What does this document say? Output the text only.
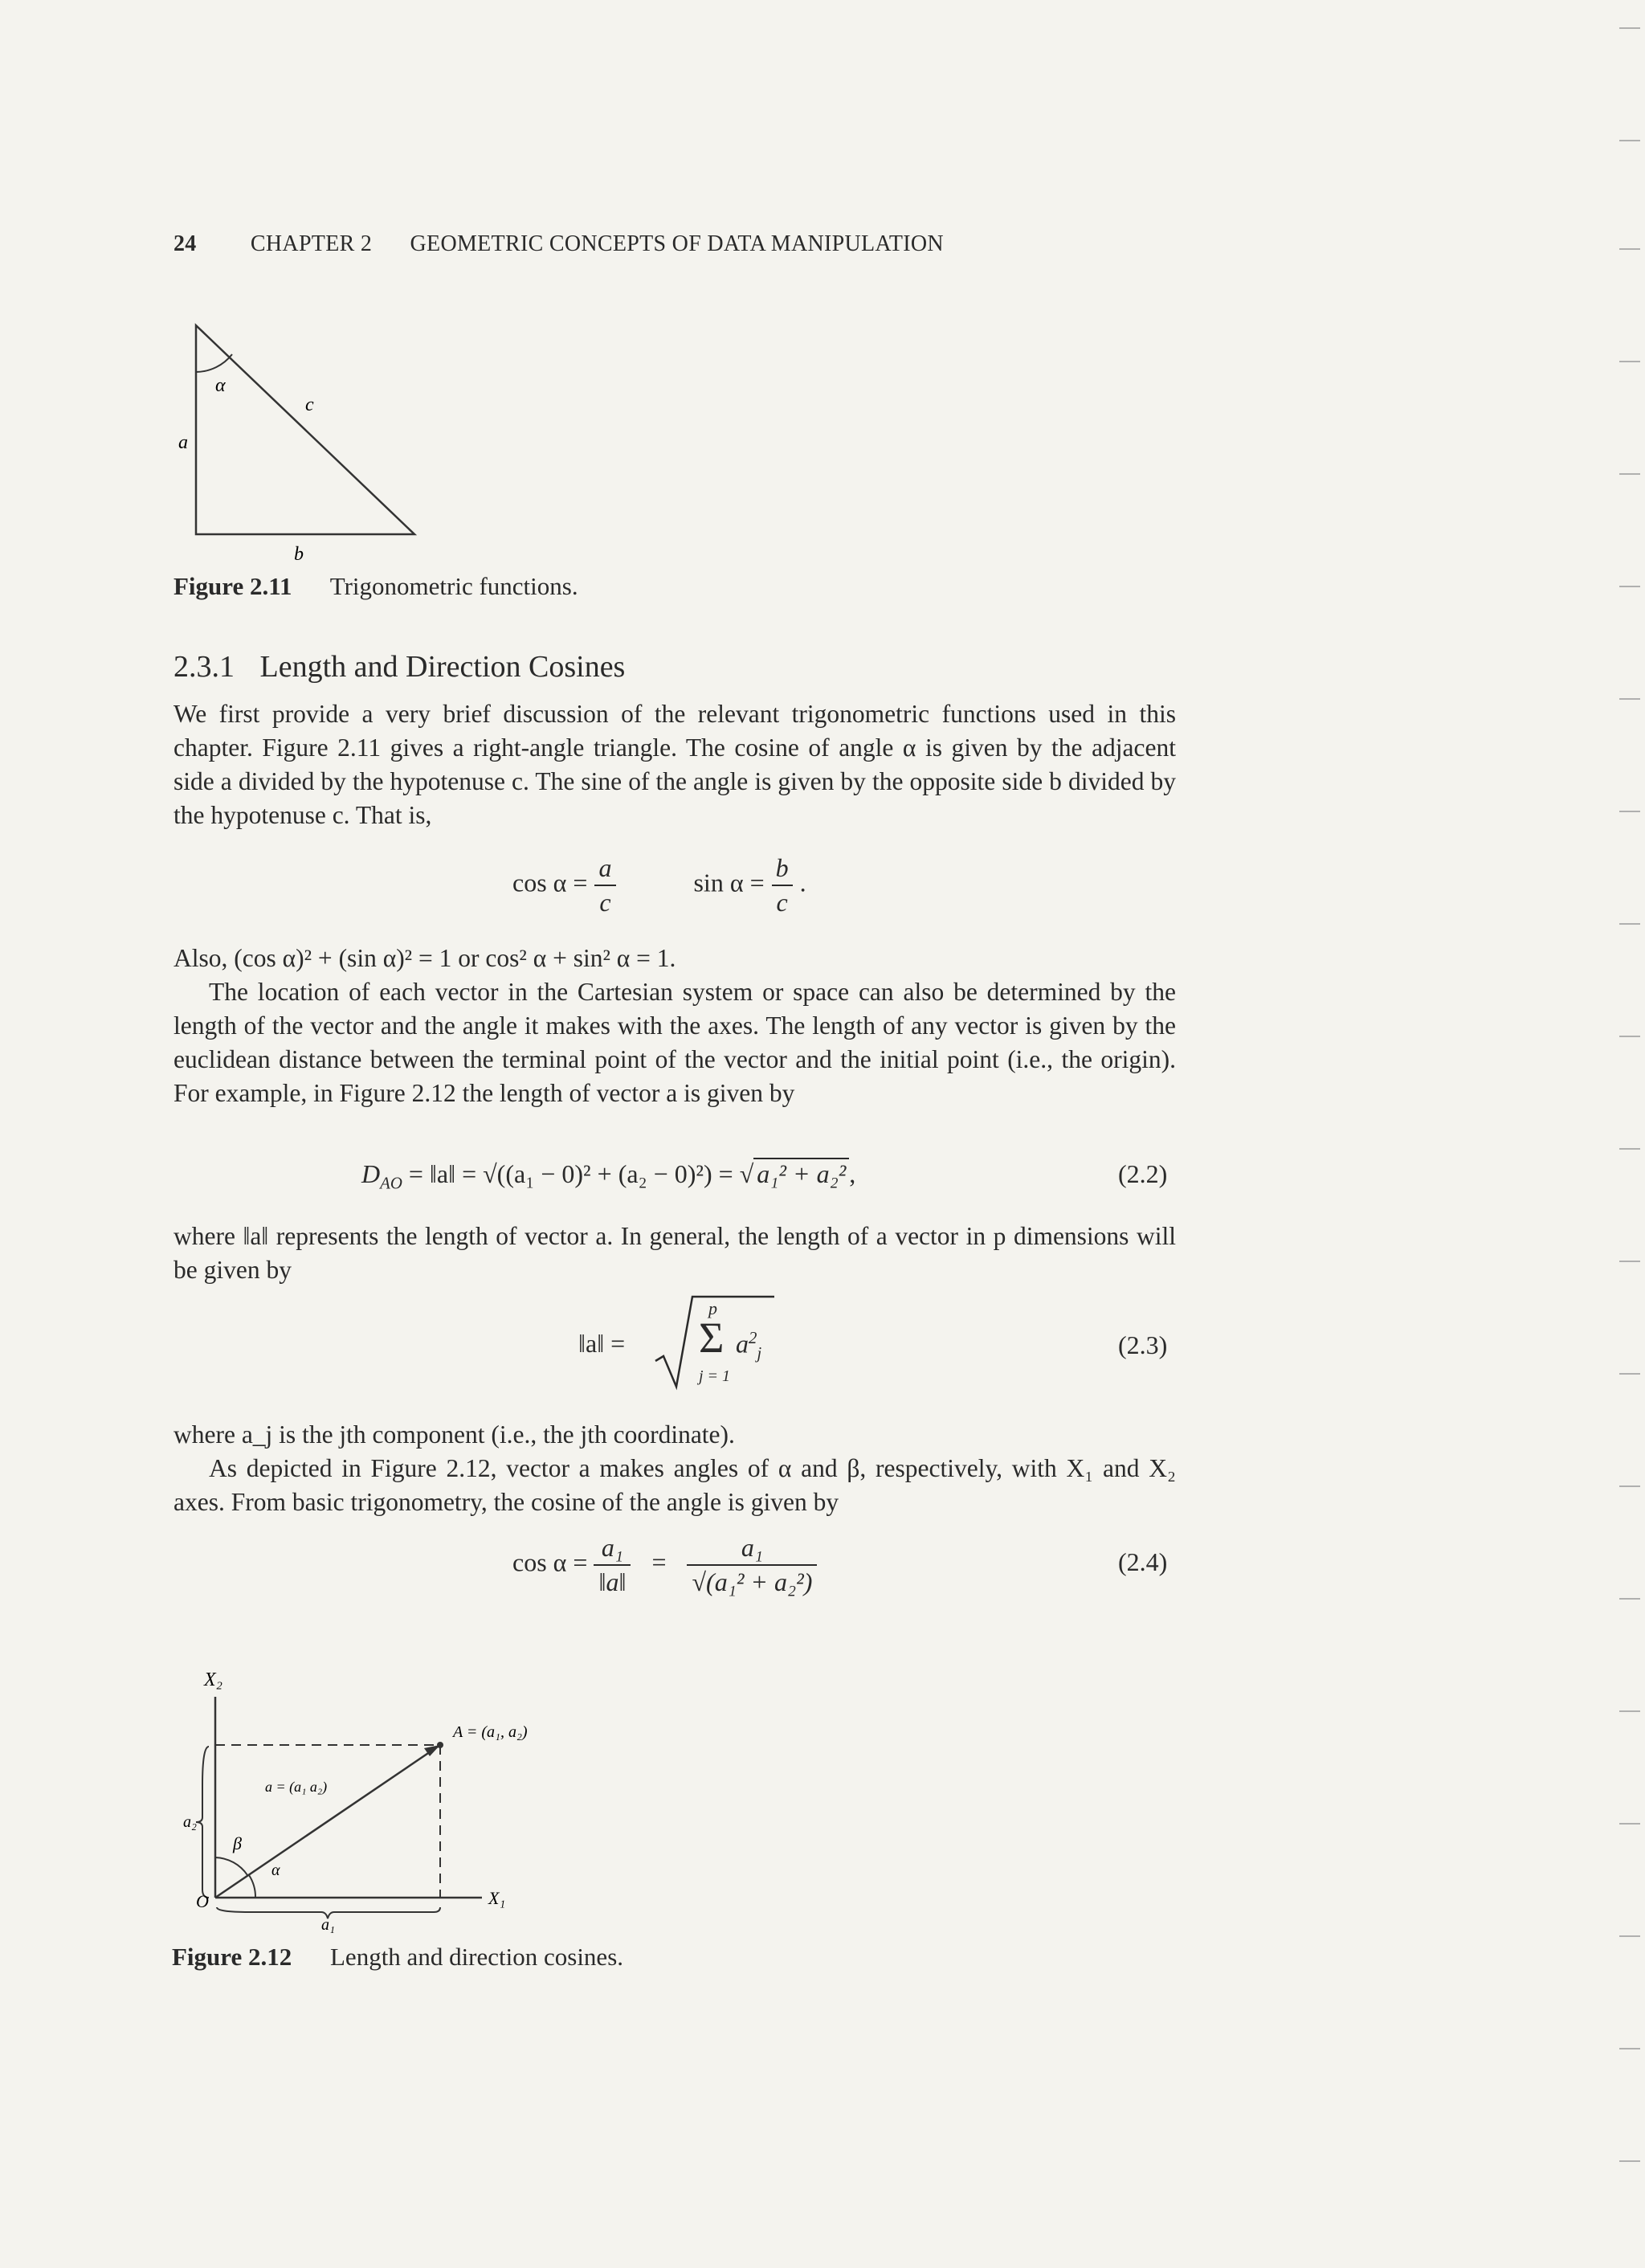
24 CHAPTER 2 GEOMETRIC CONCEPTS OF DATA MANIPULATION
α
c
a
b
Figure 2.11 Trigonometric functions.
2.3.1 Length and Direction Cosines

We first provide a very brief discussion of the relevant trigonometric functions used in this chapter. Figure 2.11 gives a right-angle triangle. The cosine of angle α is given by the adjacent side a divided by the hypotenuse c. The sine of the angle is given by the opposite side b divided by the hypotenuse c. That is,

$\cos \alpha = \frac{a}{c}$	$\sin \alpha = \frac{b}{c}$ .

Also, (cos α)² + (sin α)² = 1 or cos² α + sin² α = 1.

The location of each vector in the Cartesian system or space can also be determined by the length of the vector and the angle it makes with the axes. The length of any vector is given by the euclidean distance between the terminal point of the vector and the initial point (i.e., the origin). For example, in Figure 2.12 the length of vector a is given by

$D_{AO}$ = ‖a‖ = √((a₁ − 0)² + (a₂ − 0)²) = √ a₁² + a₂² ,	(2.2)

where ‖a‖ represents the length of vector a. In general, the length of a vector in p dimensions will be given by

‖a‖ =
p
Σ
j = 1
$a^2_j$	(2.3)

where a_j is the jth component (i.e., the jth coordinate).

As depicted in Figure 2.12, vector a makes angles of α and β, respectively, with X₁ and X₂ axes. From basic trigonometry, the cosine of the angle is given by

$\cos \alpha = \frac{\text{a₁}}{‖a‖} = \frac{\text{a₁}}{\text{√(a₁² + a₂²)}}$	(2.4)
X₂
X₁
A = (a₁, a₂)
a = (a₁ a₂)
β
α
a₂
a₁
O
Figure 2.12 Length and direction cosines.
